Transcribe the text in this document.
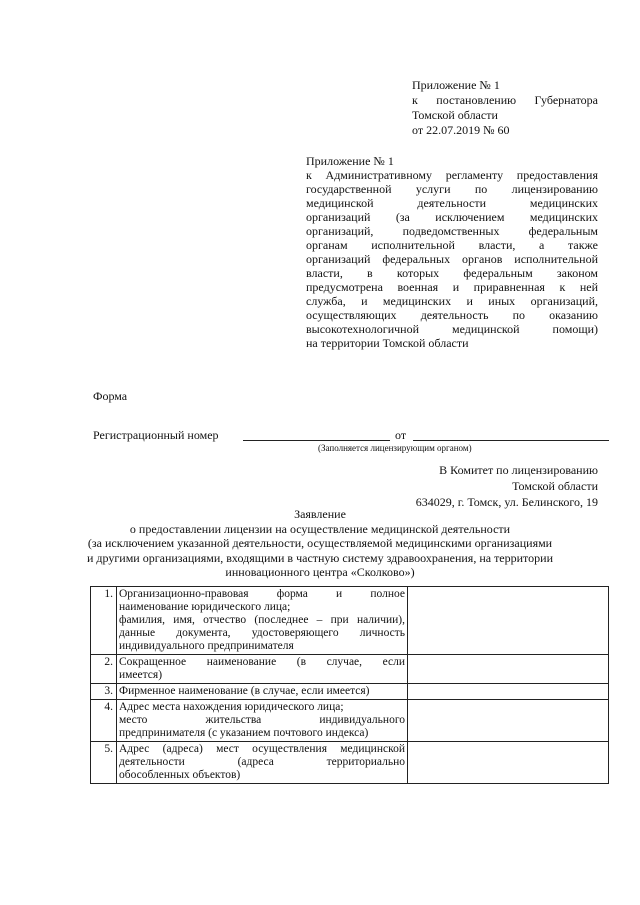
Приложение № 1
к постановлению Губернатора
Томской области
от 22.07.2019 № 60
Приложение № 1
к Административному регламенту предоставления
государственной услуги по лицензированию
медицинской деятельности медицинских
организаций (за исключением медицинских
организаций, подведомственных федеральным
органам исполнительной власти, а также
организаций федеральных органов исполнительной
власти, в которых федеральным законом
предусмотрена военная и приравненная к ней
служба, и медицинских и иных организаций,
осуществляющих деятельность по оказанию
высокотехнологичной медицинской помощи)
на территории Томской области
Форма
Регистрационный номер	от
(Заполняется лицензирующим органом)
В Комитет по лицензированию
Томской области
634029, г. Томск, ул. Белинского, 19
Заявление
о предоставлении лицензии на осуществление медицинской деятельности
(за исключением указанной деятельности, осуществляемой медицинскими организациями
и другими организациями, входящими в частную систему здравоохранения, на территории
инновационного центра «Сколково»)
1.	Организационно-правовая форма и полное
наименование юридического лица;
фамилия, имя, отчество (последнее – при наличии),
данные документа, удостоверяющего личность
индивидуального предпринимателя	

2.	Сокращенное наименование (в случае, если
имеется)	

3.	Фирменное наименование (в случае, если имеется)	

4.	Адрес места нахождения юридического лица;
место жительства индивидуального
предпринимателя (с указанием почтового индекса)	

5.	Адрес (адреса) мест осуществления медицинской
деятельности (адреса территориально
обособленных объектов)	
